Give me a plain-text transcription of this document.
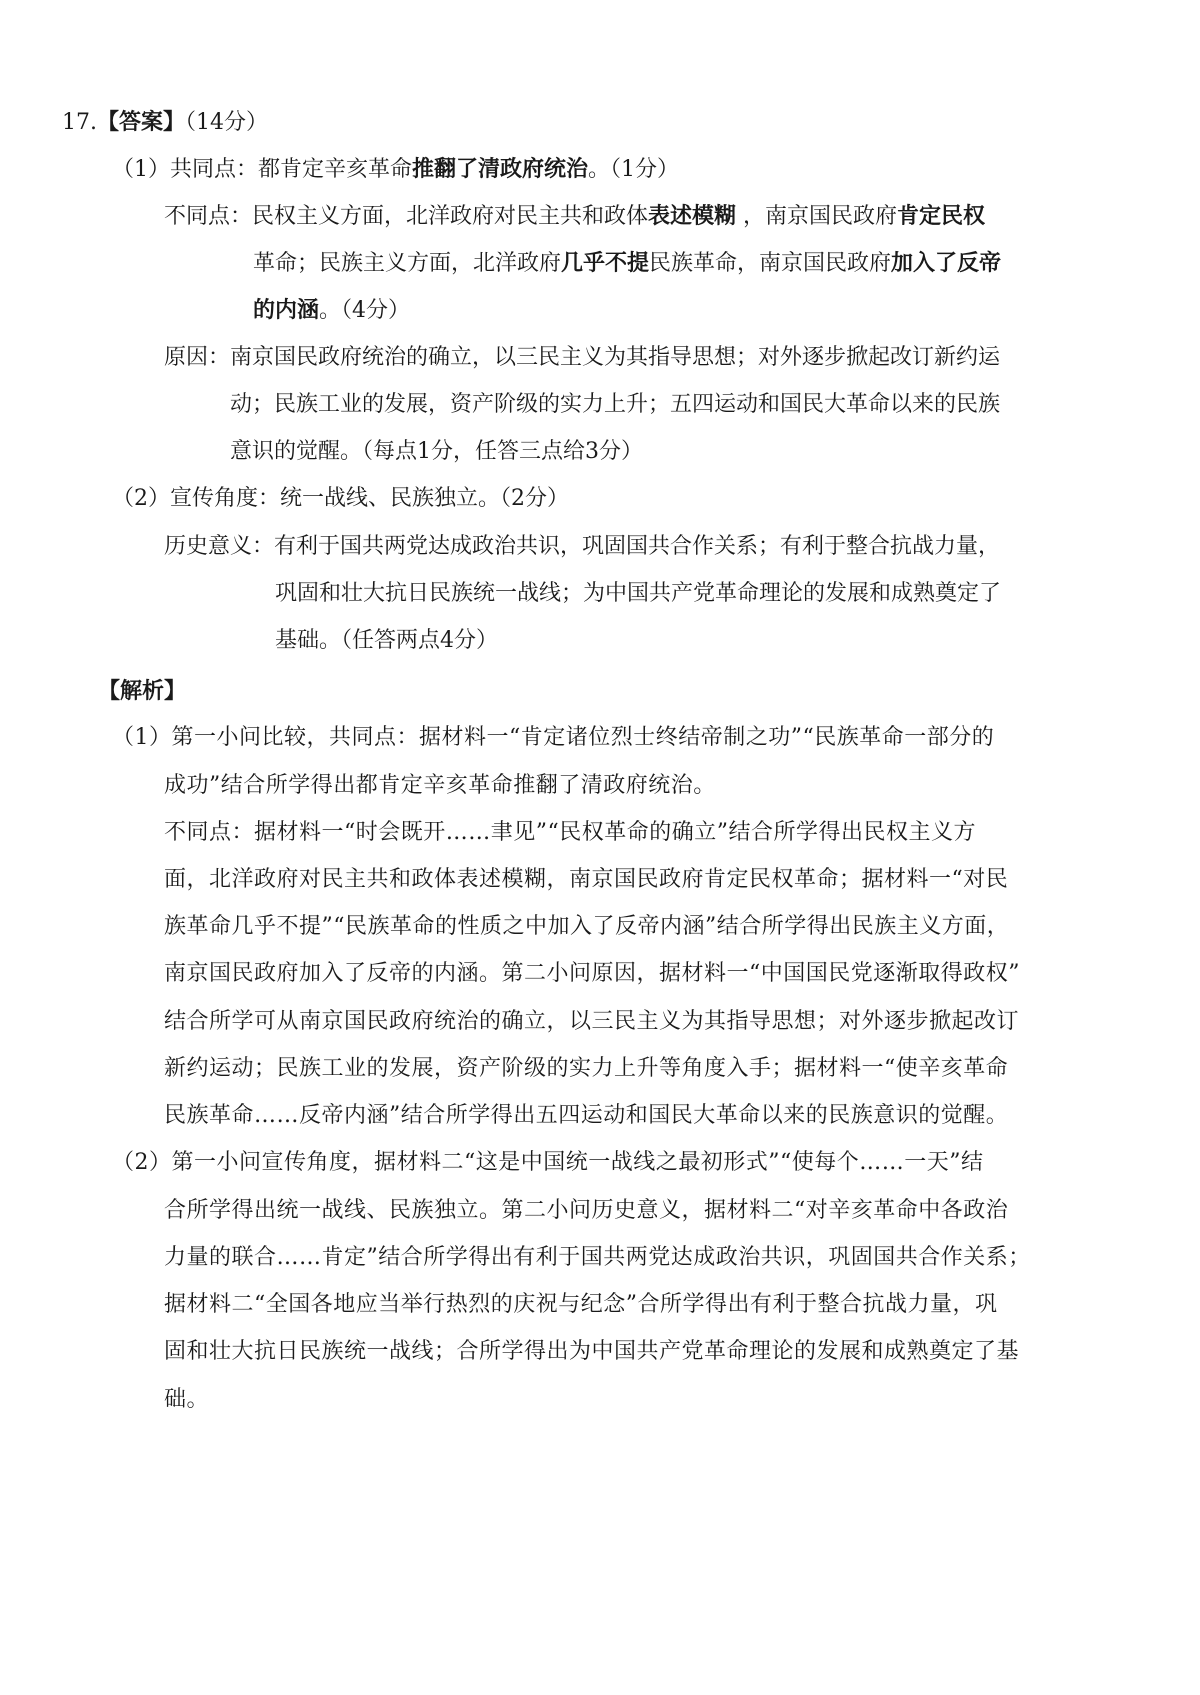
17.【答案】（14分）
（1）共同点：都肯定辛亥革命推翻了清政府统治。（1分）
不同点：民权主义方面，北洋政府对民主共和政体表述模糊 ，南京国民政府肯定民权
革命；民族主义方面，北洋政府几乎不提民族革命，南京国民政府加入了反帝
的内涵。（4分）
原因：南京国民政府统治的确立，以三民主义为其指导思想；对外逐步掀起改订新约运
动；民族工业的发展，资产阶级的实力上升；五四运动和国民大革命以来的民族
意识的觉醒。（每点1分，任答三点给3分）
（2）宣传角度：统一战线、民族独立。（2分）
历史意义：有利于国共两党达成政治共识，巩固国共合作关系；有利于整合抗战力量，
巩固和壮大抗日民族统一战线；为中国共产党革命理论的发展和成熟奠定了
基础。（任答两点4分）
【解析】
（1）第一小问比较，共同点：据材料一“肯定诸位烈士终结帝制之功”“民族革命一部分的
成功”结合所学得出都肯定辛亥革命推翻了清政府统治。
不同点：据材料一“时会既开……聿见”“民权革命的确立”结合所学得出民权主义方
面，北洋政府对民主共和政体表述模糊，南京国民政府肯定民权革命；据材料一“对民
族革命几乎不提”“民族革命的性质之中加入了反帝内涵”结合所学得出民族主义方面，
南京国民政府加入了反帝的内涵。第二小问原因，据材料一“中国国民党逐渐取得政权”
结合所学可从南京国民政府统治的确立，以三民主义为其指导思想；对外逐步掀起改订
新约运动；民族工业的发展，资产阶级的实力上升等角度入手；据材料一“使辛亥革命
民族革命……反帝内涵”结合所学得出五四运动和国民大革命以来的民族意识的觉醒。
（2）第一小问宣传角度，据材料二“这是中国统一战线之最初形式”“使每个……一天”结
合所学得出统一战线、民族独立。第二小问历史意义，据材料二“对辛亥革命中各政治
力量的联合……肯定”结合所学得出有利于国共两党达成政治共识，巩固国共合作关系；
据材料二“全国各地应当举行热烈的庆祝与纪念”合所学得出有利于整合抗战力量，巩
固和壮大抗日民族统一战线；合所学得出为中国共产党革命理论的发展和成熟奠定了基
础。
